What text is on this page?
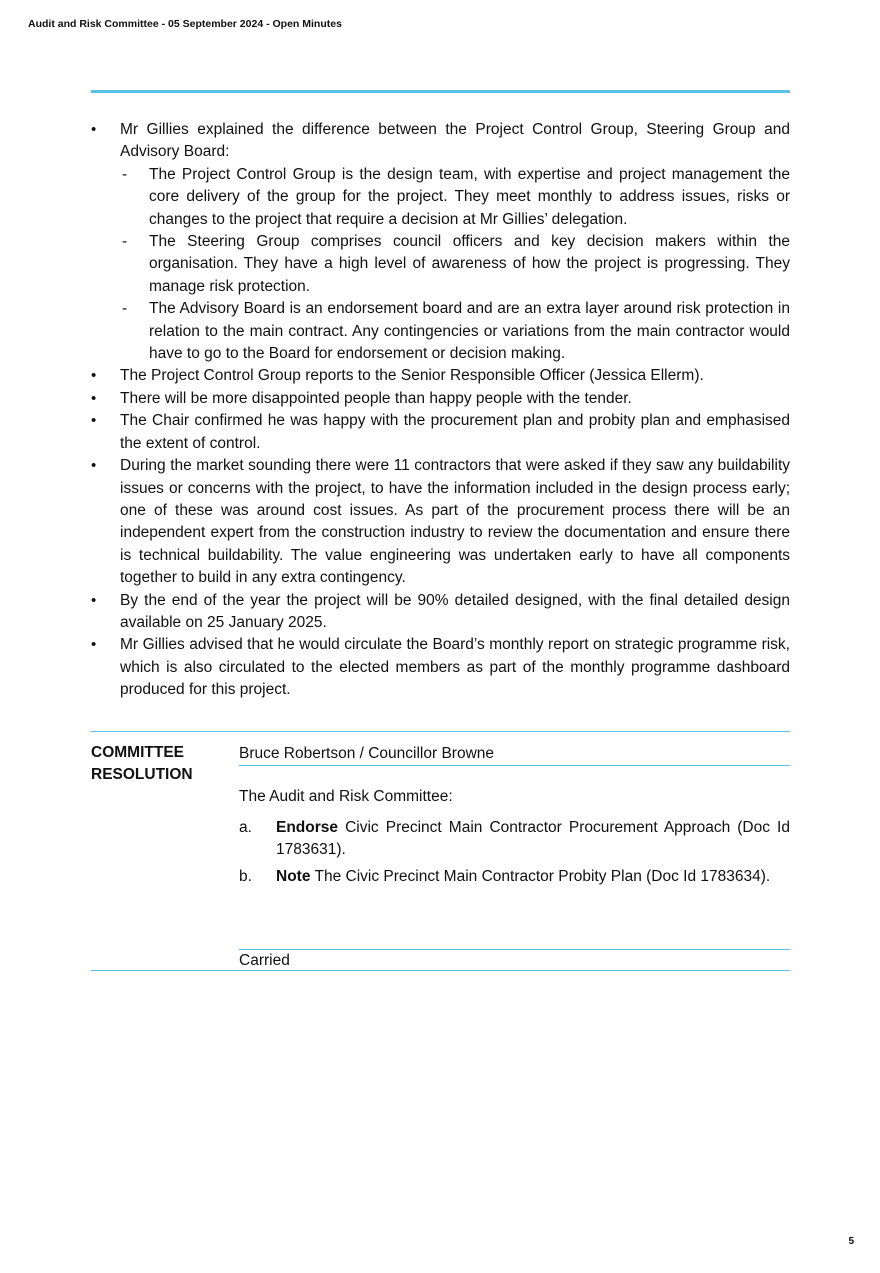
Audit and Risk Committee - 05 September 2024 - Open Minutes
•	Mr Gillies explained the difference between the Project Control Group, Steering Group and Advisory Board:
- The Project Control Group is the design team, with expertise and project management the core delivery of the group for the project. They meet monthly to address issues, risks or changes to the project that require a decision at Mr Gillies’ delegation.
- The Steering Group comprises council officers and key decision makers within the organisation. They have a high level of awareness of how the project is progressing. They manage risk protection.
- The Advisory Board is an endorsement board and are an extra layer around risk protection in relation to the main contract. Any contingencies or variations from the main contractor would have to go to the Board for endorsement or decision making.
•	The Project Control Group reports to the Senior Responsible Officer (Jessica Ellerm).
•	There will be more disappointed people than happy people with the tender.
•	The Chair confirmed he was happy with the procurement plan and probity plan and emphasised the extent of control.
•	During the market sounding there were 11 contractors that were asked if they saw any buildability issues or concerns with the project, to have the information included in the design process early; one of these was around cost issues. As part of the procurement process there will be an independent expert from the construction industry to review the documentation and ensure there is technical buildability. The value engineering was undertaken early to have all components together to build in any extra contingency.
•	By the end of the year the project will be 90% detailed designed, with the final detailed design available on 25 January 2025.
•	Mr Gillies advised that he would circulate the Board’s monthly report on strategic programme risk, which is also circulated to the elected members as part of the monthly programme dashboard produced for this project.
COMMITTEE
RESOLUTION
Bruce Robertson / Councillor Browne
The Audit and Risk Committee:
a. Endorse Civic Precinct Main Contractor Procurement Approach (Doc Id 1783631).
b. Note The Civic Precinct Main Contractor Probity Plan (Doc Id 1783634).
Carried
5
